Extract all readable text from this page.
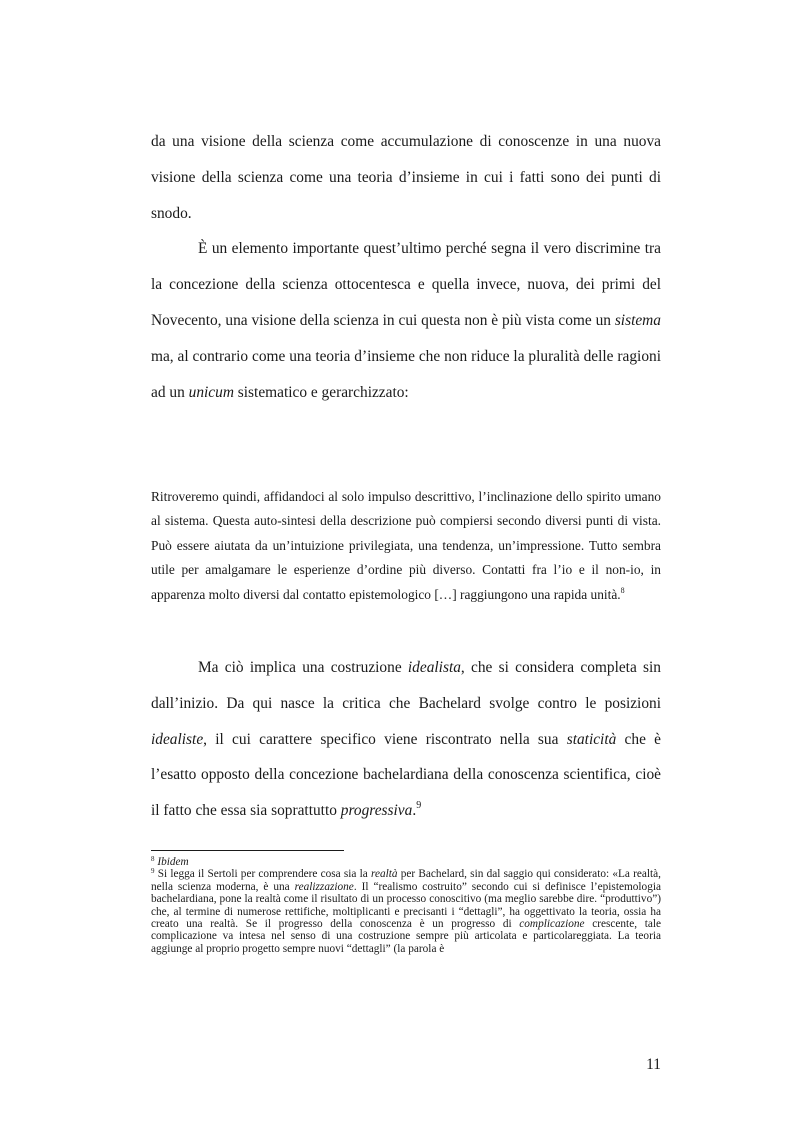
da una visione della scienza come accumulazione di conoscenze in una nuova visione della scienza come una teoria d’insieme in cui i fatti sono dei punti di snodo.

È un elemento importante quest’ultimo perché segna il vero discrimine tra la concezione della scienza ottocentesca e quella invece, nuova, dei primi del Novecento, una visione della scienza in cui questa non è più vista come un sistema ma, al contrario come una teoria d’insieme che non riduce la pluralità delle ragioni ad un unicum sistematico e gerarchizzato:

Ritroveremo quindi, affidandoci al solo impulso descrittivo, l’inclinazione dello spirito umano al sistema. Questa auto-sintesi della descrizione può compiersi secondo diversi punti di vista. Può essere aiutata da un’intuizione privilegiata, una tendenza, un’impressione. Tutto sembra utile per amalgamare le esperienze d’ordine più diverso. Contatti fra l’io e il non-io, in apparenza molto diversi dal contatto epistemologico […] raggiungono una rapida unità.$^8$

Ma ciò implica una costruzione idealista, che si considera completa sin dall’inizio. Da qui nasce la critica che Bachelard svolge contro le posizioni idealiste, il cui carattere specifico viene riscontrato nella sua staticità che è l’esatto opposto della concezione bachelardiana della conoscenza scientifica, cioè il fatto che essa sia soprattutto progressiva.$^9$

$^8$ Ibidem

$^9$ Si legga il Sertoli per comprendere cosa sia la realtà per Bachelard, sin dal saggio qui considerato: «La realtà, nella scienza moderna, è una realizzazione. Il “realismo costruito” secondo cui si definisce l’epistemologia bachelardiana, pone la realtà come il risultato di un processo conoscitivo (ma meglio sarebbe dire. “produttivo”) che, al termine di numerose rettifiche, moltiplicanti e precisanti i “dettagli”, ha oggettivato la teoria, ossia ha creato una realtà. Se il progresso della conoscenza è un progresso di complicazione crescente, tale complicazione va intesa nel senso di una costruzione sempre più articolata e particolareggiata. La teoria aggiunge al proprio progetto sempre nuovi “dettagli” (la parola è

11
